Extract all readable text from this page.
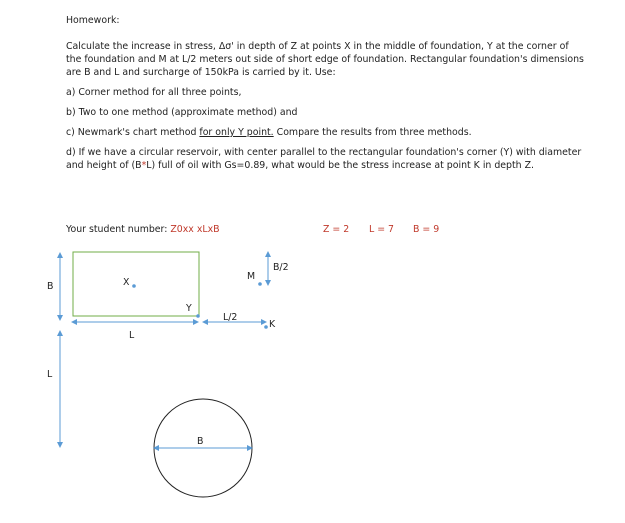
Homework:

Calculate the increase in stress, Δσ' in depth of Z at points X in the middle of foundation, Y at the corner of the foundation and M at L/2 meters out side of short edge of foundation. Rectangular foundation's dimensions are B and L and surcharge of 150kPa is carried by it. Use:

a) Corner method for all three points,

b) Two to one method (approximate method) and

c) Newmark's chart method for only Y point. Compare the results from three methods.

d) If we have a circular reservoir, with center parallel to the rectangular foundation's corner (Y) with diameter and height of (B*L) full of oil with Gs=0.89, what would be the stress increase at point K in depth Z.

Your student number: Z0xx xLxB	Z = 2 L = 7 B = 9
B
L
X
Y
M
B/2
L/2
K
L
B
